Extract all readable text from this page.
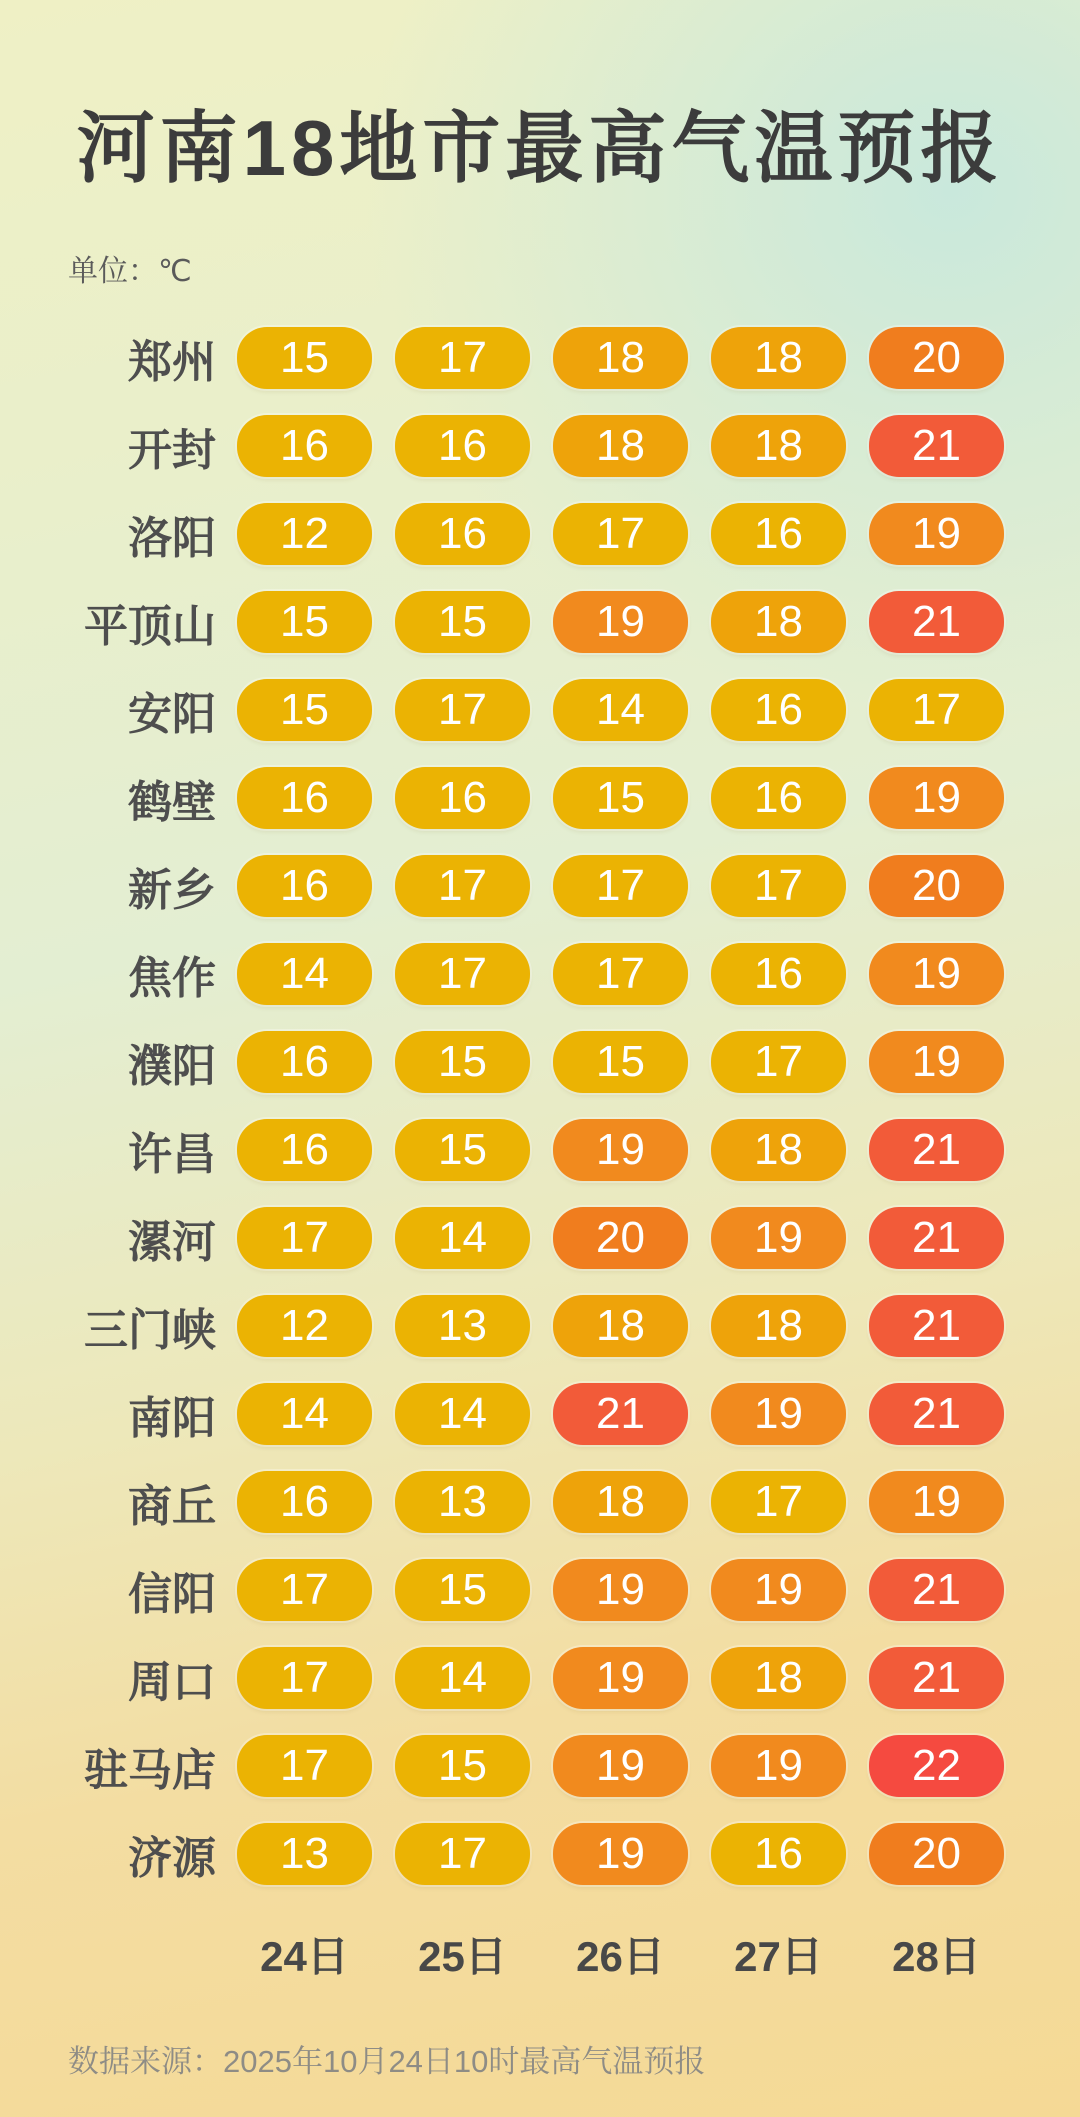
河南18地市最高气温预报
单位：℃
郑州	15	17	18	18	20
开封	16	16	18	18	21
洛阳	12	16	17	16	19
平顶山	15	15	19	18	21
安阳	15	17	14	16	17
鹤壁	16	16	15	16	19
新乡	16	17	17	17	20
焦作	14	17	17	16	19
濮阳	16	15	15	17	19
许昌	16	15	19	18	21
漯河	17	14	20	19	21
三门峡	12	13	18	18	21
南阳	14	14	21	19	21
商丘	16	13	18	17	19
信阳	17	15	19	19	21
周口	17	14	19	18	21
驻马店	17	15	19	19	22
济源	13	17	19	16	20
24日	25日	26日	27日	28日
数据来源：2025年10月24日10时最高气温预报
